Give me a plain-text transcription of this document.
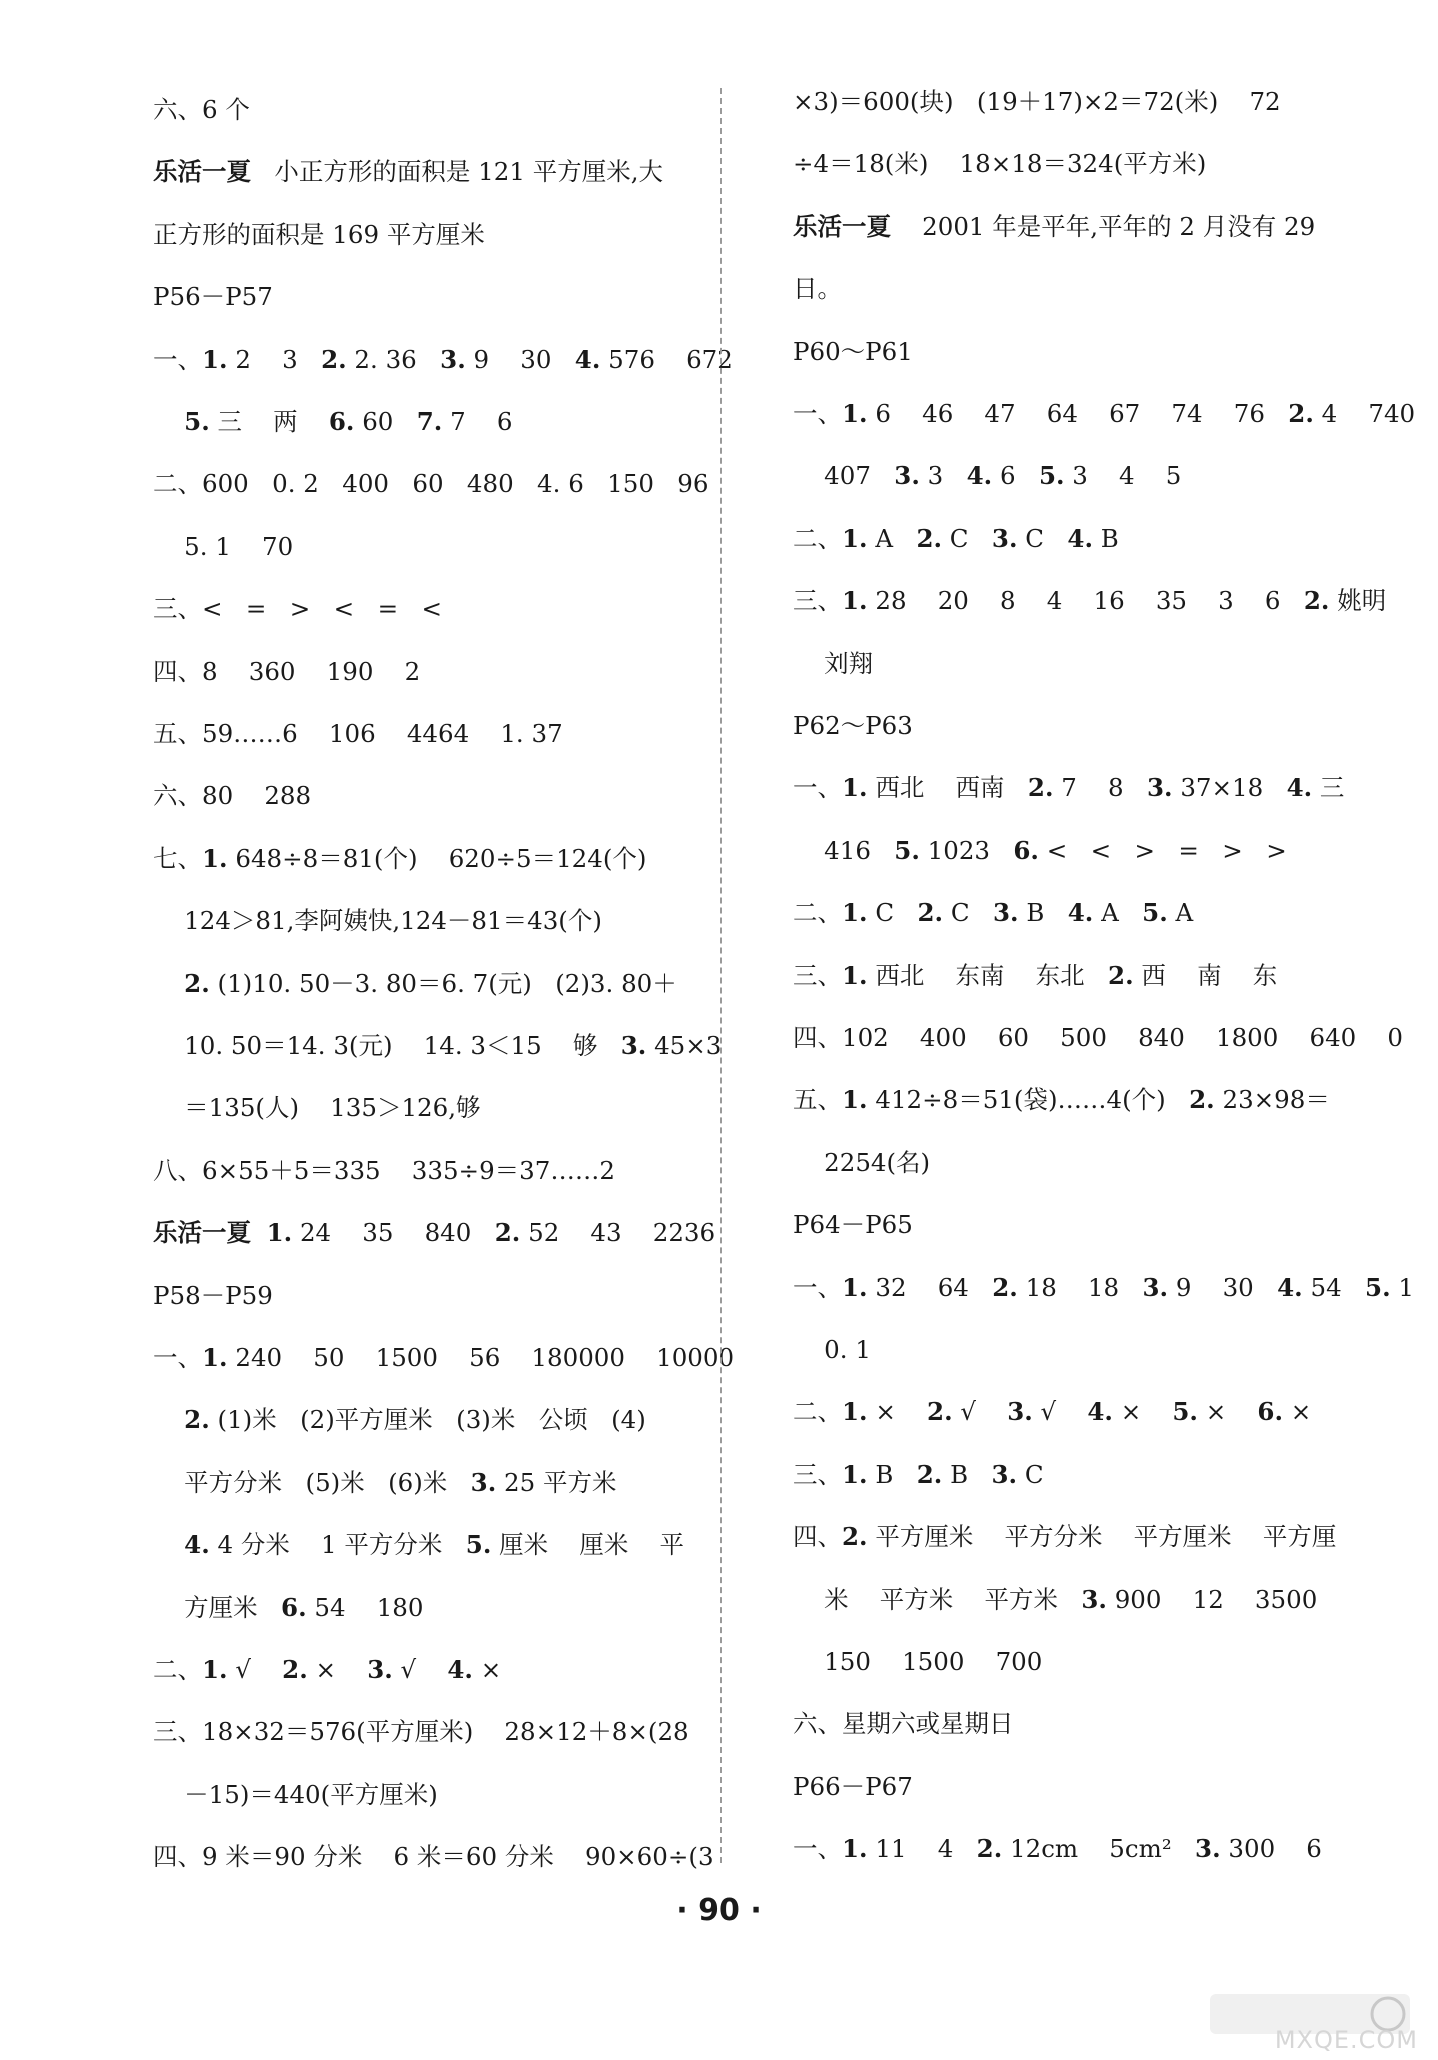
六、6 个
乐活一夏   小正方形的面积是 121 平方厘米,大
正方形的面积是 169 平方厘米
P56－P57
一、1. 2    3   2. 2. 36   3. 9    30   4. 576    672
5. 三    两    6. 60   7. 7    6
二、600   0. 2   400   60   480   4. 6   150   96
5. 1    70
三、<   =   >   <   =   <
四、8    360    190    2
五、59……6    106    4464    1. 37
六、80    288
七、1. 648÷8＝81(个)    620÷5＝124(个)
124＞81,李阿姨快,124－81＝43(个)
2. (1)10. 50－3. 80＝6. 7(元)   (2)3. 80＋
10. 50＝14. 3(元)    14. 3＜15    够   3. 45×3
＝135(人)    135＞126,够
八、6×55＋5＝335    335÷9＝37……2
乐活一夏 1. 24    35    840   2. 52    43    2236
P58－P59
一、1. 240    50    1500    56    180000    10000
2. (1)米   (2)平方厘米   (3)米   公顷   (4)
平方分米   (5)米   (6)米   3. 25 平方米
4. 4 分米    1 平方分米   5. 厘米    厘米    平
方厘米   6. 54    180
二、1. √    2. ×    3. √    4. ×
三、18×32＝576(平方厘米)    28×12＋8×(28
－15)＝440(平方厘米)
四、9 米＝90 分米    6 米＝60 分米    90×60÷(3
×3)＝600(块)   (19＋17)×2＝72(米)    72
÷4＝18(米)    18×18＝324(平方米)
乐活一夏    2001 年是平年,平年的 2 月没有 29
日。
P60～P61
一、1. 6    46    47    64    67    74    76   2. 4    740
407   3. 3   4. 6   5. 3    4    5
二、1. A   2. C   3. C   4. B
三、1. 28    20    8    4    16    35    3    6   2. 姚明
刘翔
P62～P63
一、1. 西北    西南   2. 7    8   3. 37×18   4. 三
416   5. 1023   6. <   <   >   =   >   >
二、1. C   2. C   3. B   4. A   5. A
三、1. 西北    东南    东北   2. 西    南    东
四、102    400    60    500    840    1800    640    0
五、1. 412÷8＝51(袋)……4(个)   2. 23×98＝
2254(名)
P64－P65
一、1. 32    64   2. 18    18   3. 9    30   4. 54   5. 1
0. 1
二、1. ×    2. √    3. √    4. ×    5. ×    6. ×
三、1. B   2. B   3. C
四、2. 平方厘米    平方分米    平方厘米    平方厘
米    平方米    平方米   3. 900    12    3500
150    1500    700
六、星期六或星期日
P66－P67
一、1. 11    4   2. 12cm    5cm²   3. 300    6
· 90 ·
MXQE.COM
